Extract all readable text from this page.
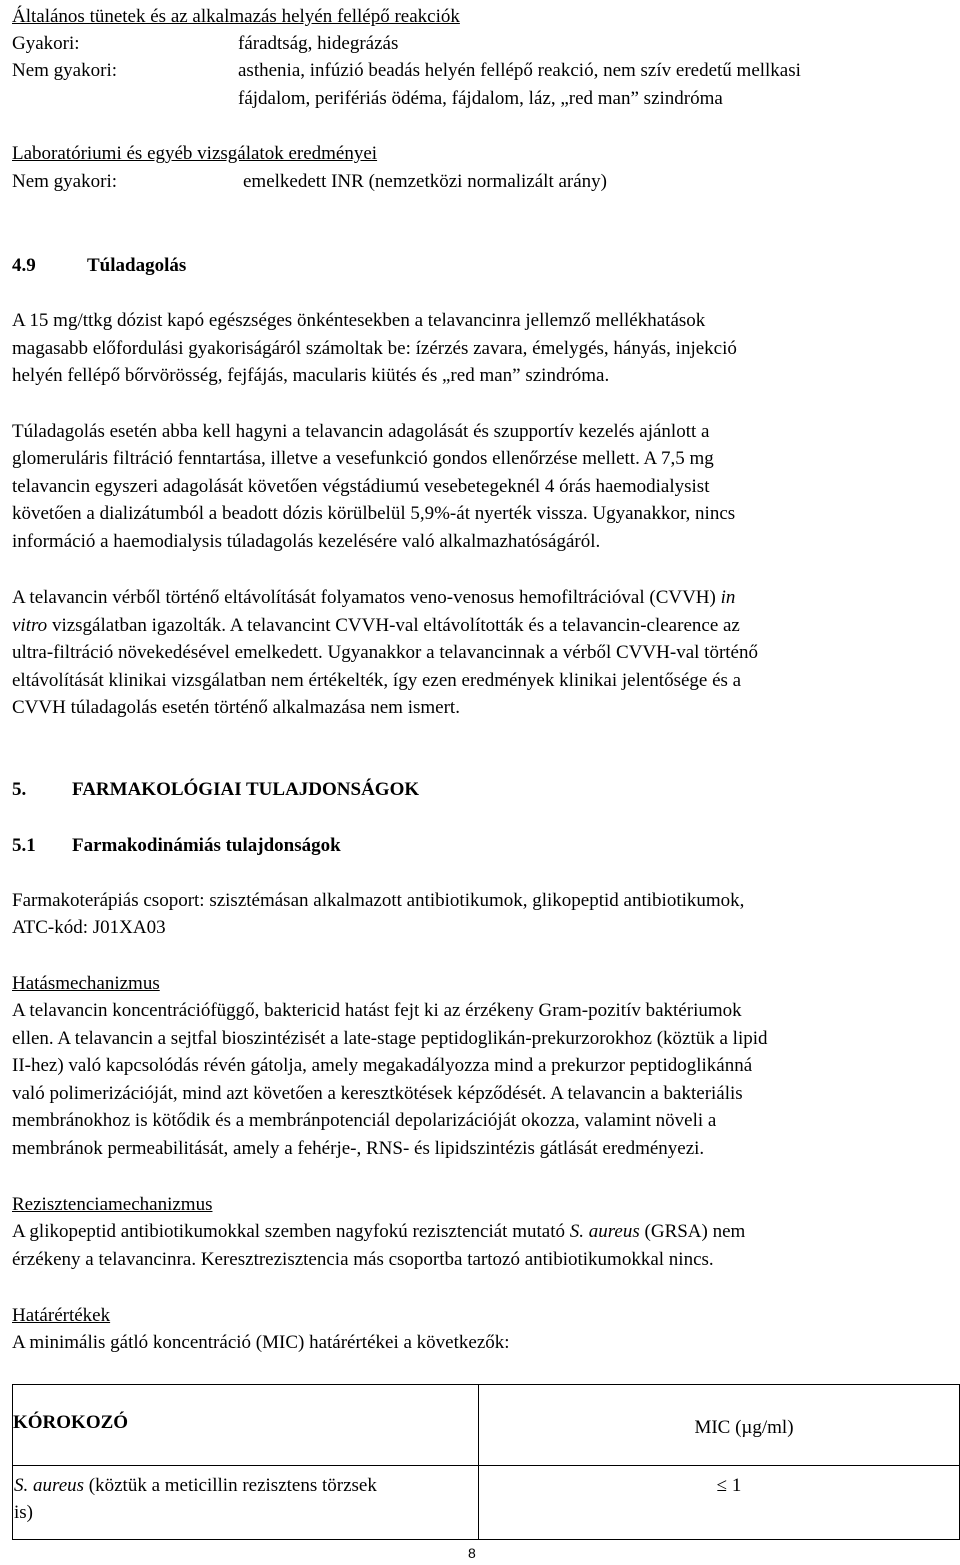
Általános tünetek és az alkalmazás helyén fellépő reakciók
Gyakori:	fáradtság, hidegrázás
Nem gyakori:	asthenia, infúzió beadás helyén fellépő reakció, nem szív eredetű mellkasi
fájdalom, perifériás ödéma, fájdalom, láz, „red man” szindróma
Laboratóriumi és egyéb vizsgálatok eredményei
Nem gyakori:	emelkedett INR (nemzetközi normalizált arány)
4.9	Túladagolás
A 15 mg/ttkg dózist kapó egészséges önkéntesekben a telavancinra jellemző mellékhatások
magasabb előfordulási gyakoriságáról számoltak be: ízérzés zavara, émelygés, hányás, injekció
helyén fellépő bőrvörösség, fejfájás, macularis kiütés és „red man” szindróma.
Túladagolás esetén abba kell hagyni a telavancin adagolását és szupportív kezelés ajánlott a
glomeruláris filtráció fenntartása, illetve a vesefunkció gondos ellenőrzése mellett. A 7,5 mg
telavancin egyszeri adagolását követően végstádiumú vesebetegeknél 4 órás haemodialysist
követően a dializátumból a beadott dózis körülbelül 5,9%-át nyerték vissza. Ugyanakkor, nincs
információ a haemodialysis túladagolás kezelésére való alkalmazhatóságáról.
A telavancin vérből történő eltávolítását folyamatos veno-venosus hemofiltrációval (CVVH) in
vitro vizsgálatban igazolták. A telavancint CVVH-val eltávolították és a telavancin-clearence az
ultra-filtráció növekedésével emelkedett. Ugyanakkor a telavancinnak a vérből CVVH-val történő
eltávolítását klinikai vizsgálatban nem értékelték, így ezen eredmények klinikai jelentősége és a
CVVH túladagolás esetén történő alkalmazása nem ismert.
5. FARMAKOLÓGIAI TULAJDONSÁGOK
5.1 Farmakodinámiás tulajdonságok
Farmakoterápiás csoport: szisztémásan alkalmazott antibiotikumok, glikopeptid antibiotikumok,
ATC-kód: J01XA03
Hatásmechanizmus
A telavancin koncentrációfüggő, baktericid hatást fejt ki az érzékeny Gram-pozitív baktériumok
ellen. A telavancin a sejtfal bioszintézisét a late-stage peptidoglikán-prekurzorokhoz (köztük a lipid
II-hez) való kapcsolódás révén gátolja, amely megakadályozza mind a prekurzor peptidoglikánná
való polimerizációját, mind azt követően a keresztkötések képződését. A telavancin a bakteriális
membránokhoz is kötődik és a membránpotenciál depolarizációját okozza, valamint növeli a
membránok permeabilitását, amely a fehérje-, RNS- és lipidszintézis gátlását eredményezi.
Rezisztenciamechanizmus
A glikopeptid antibiotikumokkal szemben nagyfokú rezisztenciát mutató S. aureus (GRSA) nem
érzékeny a telavancinra. Keresztrezisztencia más csoportba tartozó antibiotikumokkal nincs.
Határértékek
A minimális gátló koncentráció (MIC) határértékei a következők:
KÓROKOZÓ	MIC (µg/ml)

S. aureus (köztük a meticillin rezisztens törzsek
is)	≤ 1
8
